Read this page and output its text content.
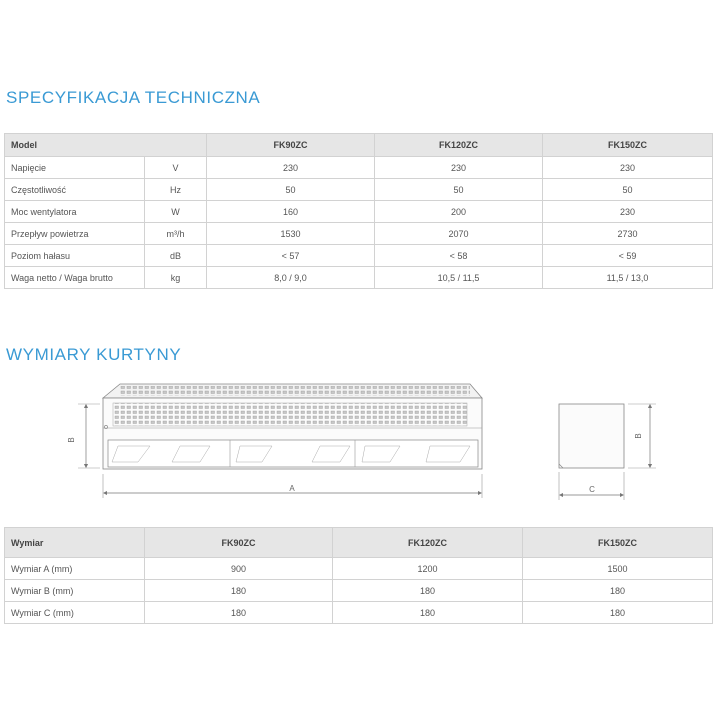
SPECYFIKACJA TECHNICZNA
Model		FK90ZC	FK120ZC	FK150ZC
Napięcie	V	230	230	230
Częstotliwość	Hz	50	50	50
Moc wentylatora	W	160	200	230
Przepływ powietrza	m³/h	1530	2070	2730
Poziom hałasu	dB	< 57	< 58	< 59
Waga netto / Waga brutto	kg	8,0 / 9,0	10,5 / 11,5	11,5 / 13,0
WYMIARY KURTYNY
B
A
B
C
Wymiar	FK90ZC	FK120ZC	FK150ZC
Wymiar A (mm)	900	1200	1500
Wymiar B (mm)	180	180	180
Wymiar C (mm)	180	180	180
